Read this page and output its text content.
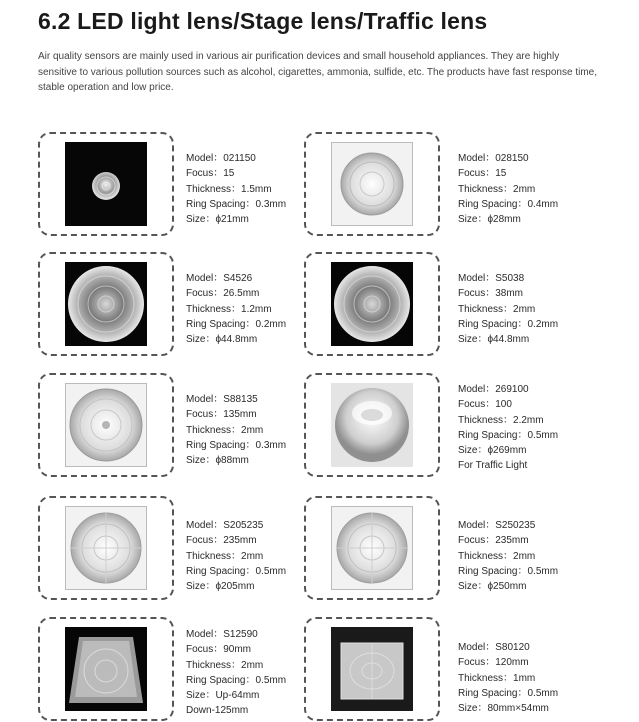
6.2 LED light lens/Stage lens/Traffic lens
Air quality sensors are mainly used in various air purification devices and small household appliances. They are highly sensitive to various pollution sources such as alcohol, cigarettes, ammonia, sulfide, etc. The products have fast response time, stable operation and low price.
Model：021150
Focus：15
Thickness：1.5mm
Ring Spacing：0.3mm
Size：ϕ21mm
Model：028150
Focus：15
Thickness：2mm
Ring Spacing：0.4mm
Size：ϕ28mm
Model：S4526
Focus：26.5mm
Thickness：1.2mm
Ring Spacing：0.2mm
Size：ϕ44.8mm
Model：S5038
Focus：38mm
Thickness：2mm
Ring Spacing：0.2mm
Size：ϕ44.8mm
Model：S88135
Focus：135mm
Thickness：2mm
Ring Spacing：0.3mm
Size：ϕ88mm
Model：269100
Focus：100
Thickness：2.2mm
Ring Spacing：0.5mm
Size：ϕ269mm
For Traffic Light
Model：S205235
Focus：235mm
Thickness：2mm
Ring Spacing：0.5mm
Size：ϕ205mm
Model：S250235
Focus：235mm
Thickness：2mm
Ring Spacing：0.5mm
Size：ϕ250mm
Model：S12590
Focus：90mm
Thickness：2mm
Ring Spacing：0.5mm
Size：Up-64mm
Down-125mm
Model：S80120
Focus：120mm
Thickness：1mm
Ring Spacing：0.5mm
Size：80mm×54mm
